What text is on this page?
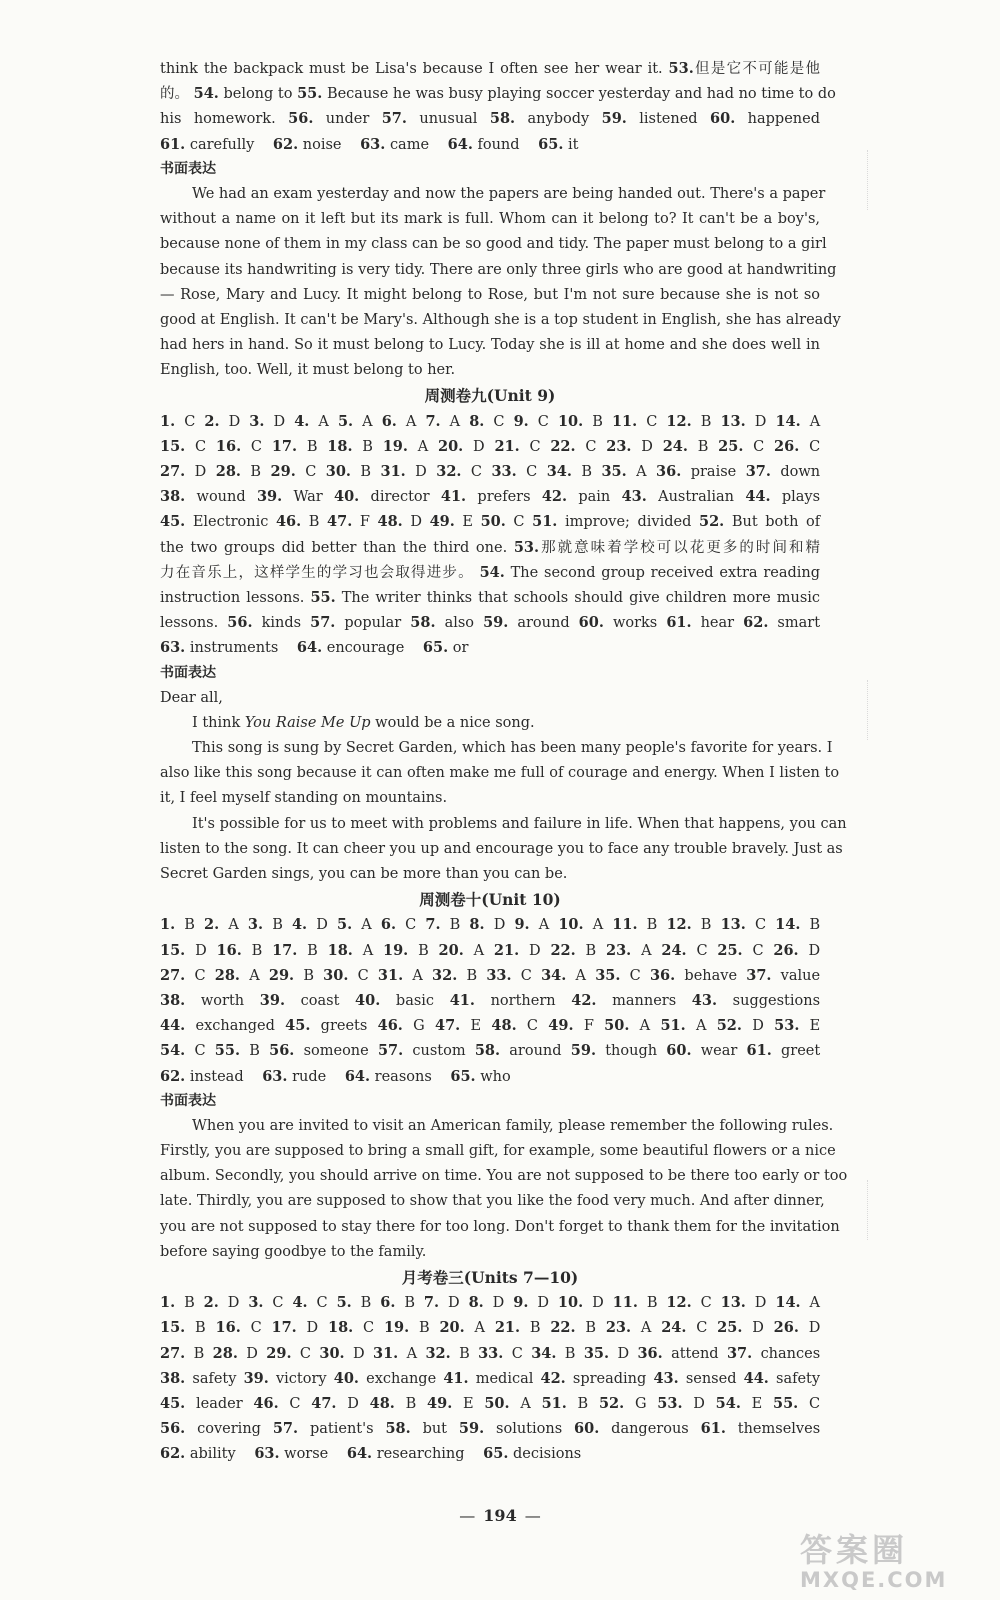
think the backpack must be Lisa's because I often see her wear it. 53.但是它不可能是他
的。 54. belong to 55. Because he was busy playing soccer yesterday and had no time to do
his homework. 56. under 57. unusual 58. anybody 59. listened 60. happened
61. carefully 62. noise 63. came 64. found 65. it
书面表达
We had an exam yesterday and now the papers are being handed out. There's a paper
without a name on it left but its mark is full. Whom can it belong to? It can't be a boy's,
because none of them in my class can be so good and tidy. The paper must belong to a girl
because its handwriting is very tidy. There are only three girls who are good at handwriting
— Rose, Mary and Lucy. It might belong to Rose, but I'm not sure because she is not so
good at English. It can't be Mary's. Although she is a top student in English, she has already
had hers in hand. So it must belong to Lucy. Today she is ill at home and she does well in
English, too. Well, it must belong to her.
周测卷九(Unit 9)
1. C 2. D 3. D 4. A 5. A 6. A 7. A 8. C 9. C 10. B 11. C 12. B 13. D 14. A
15. C 16. C 17. B 18. B 19. A 20. D 21. C 22. C 23. D 24. B 25. C 26. C
27. D 28. B 29. C 30. B 31. D 32. C 33. C 34. B 35. A 36. praise 37. down
38. wound 39. War 40. director 41. prefers 42. pain 43. Australian 44. plays
45. Electronic 46. B 47. F 48. D 49. E 50. C 51. improve; divided 52. But both of
the two groups did better than the third one. 53.那就意味着学校可以花更多的时间和精
力在音乐上，这样学生的学习也会取得进步。 54. The second group received extra reading
instruction lessons. 55. The writer thinks that schools should give children more music
lessons. 56. kinds 57. popular 58. also 59. around 60. works 61. hear 62. smart
63. instruments 64. encourage 65. or
书面表达
Dear all,
I think You Raise Me Up would be a nice song.
This song is sung by Secret Garden, which has been many people's favorite for years. I
also like this song because it can often make me full of courage and energy. When I listen to
it, I feel myself standing on mountains.
It's possible for us to meet with problems and failure in life. When that happens, you can
listen to the song. It can cheer you up and encourage you to face any trouble bravely. Just as
Secret Garden sings, you can be more than you can be.
周测卷十(Unit 10)
1. B 2. A 3. B 4. D 5. A 6. C 7. B 8. D 9. A 10. A 11. B 12. B 13. C 14. B
15. D 16. B 17. B 18. A 19. B 20. A 21. D 22. B 23. A 24. C 25. C 26. D
27. C 28. A 29. B 30. C 31. A 32. B 33. C 34. A 35. C 36. behave 37. value
38. worth 39. coast 40. basic 41. northern 42. manners 43. suggestions
44. exchanged 45. greets 46. G 47. E 48. C 49. F 50. A 51. A 52. D 53. E
54. C 55. B 56. someone 57. custom 58. around 59. though 60. wear 61. greet
62. instead 63. rude 64. reasons 65. who
书面表达
When you are invited to visit an American family, please remember the following rules.
Firstly, you are supposed to bring a small gift, for example, some beautiful flowers or a nice
album. Secondly, you should arrive on time. You are not supposed to be there too early or too
late. Thirdly, you are supposed to show that you like the food very much. And after dinner,
you are not supposed to stay there for too long. Don't forget to thank them for the invitation
before saying goodbye to the family.
月考卷三(Units 7—10)
1. B 2. D 3. C 4. C 5. B 6. B 7. D 8. D 9. D 10. D 11. B 12. C 13. D 14. A
15. B 16. C 17. D 18. C 19. B 20. A 21. B 22. B 23. A 24. C 25. D 26. D
27. B 28. D 29. C 30. D 31. A 32. B 33. C 34. B 35. D 36. attend 37. chances
38. safety 39. victory 40. exchange 41. medical 42. spreading 43. sensed 44. safety
45. leader 46. C 47. D 48. B 49. E 50. A 51. B 52. G 53. D 54. E 55. C
56. covering 57. patient's 58. but 59. solutions 60. dangerous 61. themselves
62. ability 63. worse 64. researching 65. decisions
— 194 —
答案圈
MXQE.COM
